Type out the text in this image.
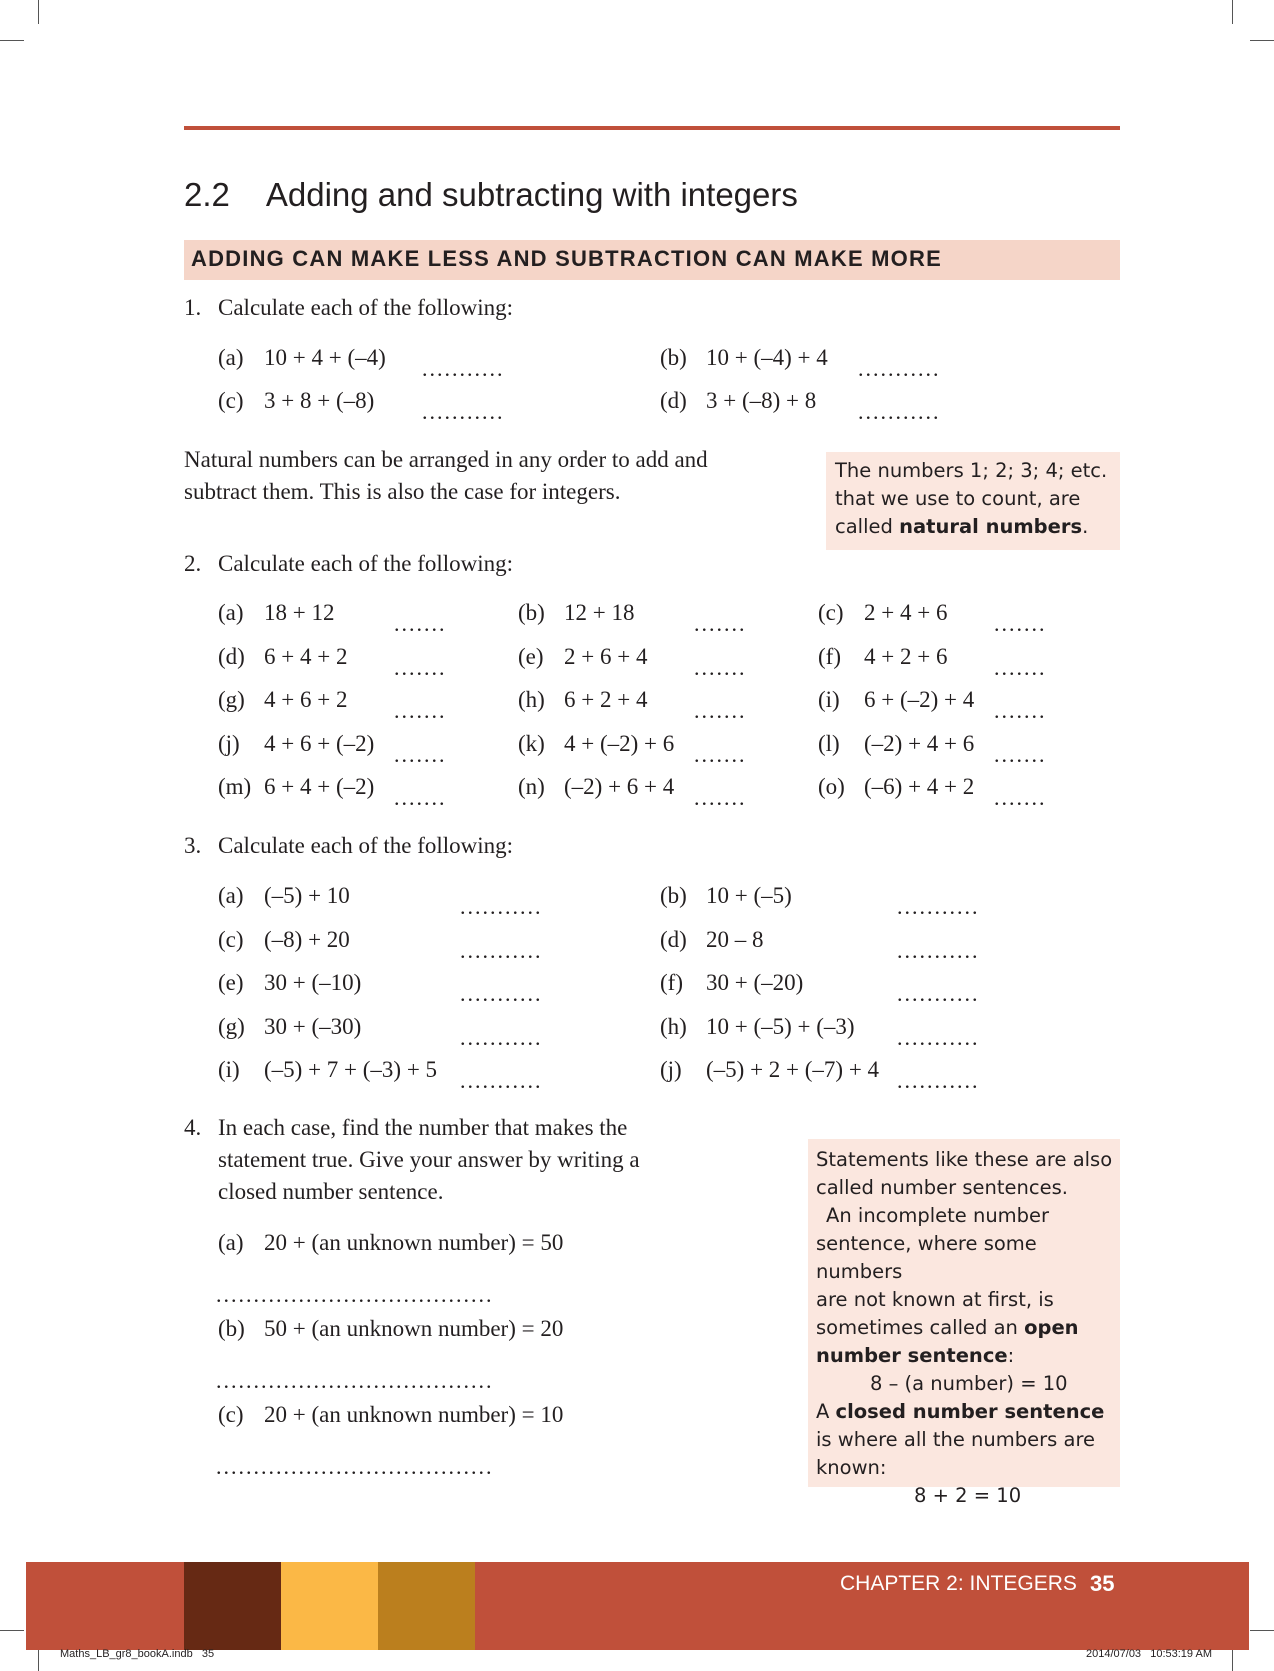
2.2 Adding and subtracting with integers
ADDING CAN MAKE LESS AND SUBTRACTION CAN MAKE MORE
1. Calculate each of the following:
(a) 10 + 4 + (–4) ...........	(b) 10 + (–4) + 4 ...........
(c) 3 + 8 + (–8) ...........	(d) 3 + (–8) + 8 ...........
Natural numbers can be arranged in any order to add and subtract them. This is also the case for integers.
The numbers 1; 2; 3; 4; etc.
that we use to count, are
called natural numbers.
2. Calculate each of the following:
(a) 18 + 12	.......	(b) 12 + 18	.......	(c) 2 + 4 + 6 .......
(d) 6 + 4 + 2 .......	(e) 2 + 6 + 4 .......	(f) 4 + 2 + 6 .......
(g) 4 + 6 + 2 .......	(h) 6 + 2 + 4 .......	(i) 6 + (–2) + 4 .......
(j) 4 + 6 + (–2) .......	(k) 4 + (–2) + 6 .......	(l) (–2) + 4 + 6 .......
(m) 6 + 4 + (–2) .......	(n) (–2) + 6 + 4 .......	(o) (–6) + 4 + 2 .......
3. Calculate each of the following:
(a) (–5) + 10	...........	(b) 10 + (–5)	...........
(c) (–8) + 20	...........	(d) 20 – 8	...........
(e) 30 + (–10)	...........	(f) 30 + (–20)	...........
(g) 30 + (–30)	...........	(h) 10 + (–5) + (–3) ...........
(i) (–5) + 7 + (–3) + 5 ...........	(j) (–5) + 2 + (–7) + 4 ...........
4. In each case, find the number that makes the
statement true. Give your answer by writing a
closed number sentence.
(a) 20 + (an unknown number) = 50
.....................................
(b) 50 + (an unknown number) = 20
.....................................
(c) 20 + (an unknown number) = 10
.....................................
Statements like these are also
called number sentences.
An incomplete number
sentence, where some numbers
are not known at first, is
sometimes called an open
number sentence:
8 – (a number) = 10
A closed number sentence
is where all the numbers are
known:
8 + 2 = 10
CHAPTER 2: INTEGERS 35
Maths_LB_gr8_bookA.indb   35	2014/07/03   10:53:19 AM
